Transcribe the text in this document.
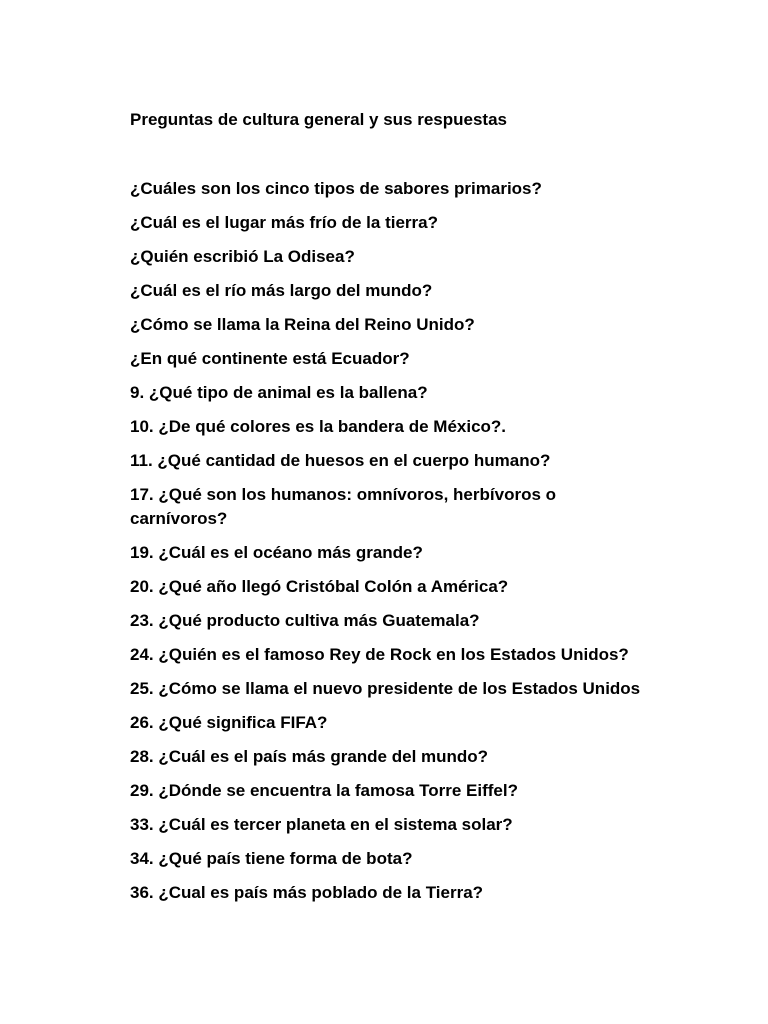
Preguntas de cultura general y sus respuestas

¿Cuáles son los cinco tipos de sabores primarios?
¿Cuál es el lugar más frío de la tierra?
¿Quién escribió La Odisea?
¿Cuál es el río más largo del mundo?
¿Cómo se llama la Reina del Reino Unido?
¿En qué continente está Ecuador?
9. ¿Qué tipo de animal es la ballena?
10. ¿De qué colores es la bandera de México?.
11. ¿Qué cantidad de huesos en el cuerpo humano?
17. ¿Qué son los humanos: omnívoros, herbívoros o carnívoros?
19. ¿Cuál es el océano más grande?
20. ¿Qué año llegó Cristóbal Colón a América?
23. ¿Qué producto cultiva más Guatemala?
24. ¿Quién es el famoso Rey de Rock en los Estados Unidos?
25. ¿Cómo se llama el nuevo presidente de los Estados Unidos
26. ¿Qué significa FIFA?
28. ¿Cuál es el país más grande del mundo?
29. ¿Dónde se encuentra la famosa Torre Eiffel?
33. ¿Cuál es tercer planeta en el sistema solar?
34. ¿Qué país tiene forma de bota?
36. ¿Cual es país más poblado de la Tierra?
